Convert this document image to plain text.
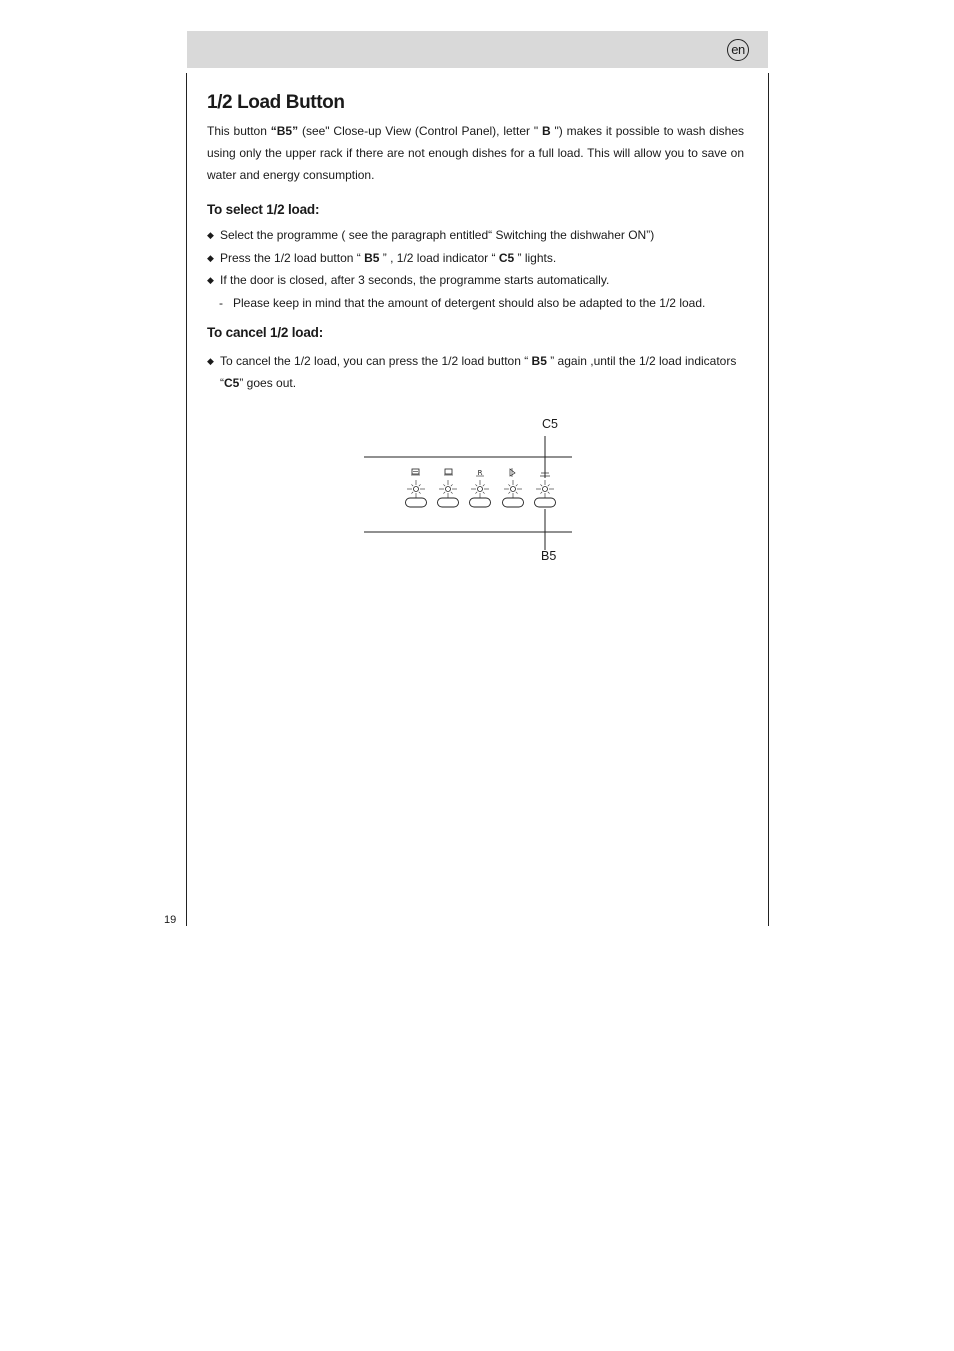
en
19
1/2 Load Button

This button “B5” (see" Close-up View (Control Panel), letter " B ") makes it possible to wash dishes using only the upper rack if there are not enough dishes for a full load. This will allow you to save on water and energy consumption.

To select 1/2 load:
◆ Select the programme ( see the paragraph entitled“ Switching the dishwaher ON”)
◆ Press the 1/2 load button “ B5 ” , 1/2 load indicator “ C5 ” lights.
◆ If the door is closed, after 3 seconds, the programme starts automatically.
- Please keep in mind that the amount of detergent should also be adapted to the 1/2 load.
To cancel 1/2 load:
◆ To cancel the 1/2 load, you can press the 1/2 load button “ B5 ” again ,until the 1/2 load indicators “C5” goes out.
R
C5
B5
